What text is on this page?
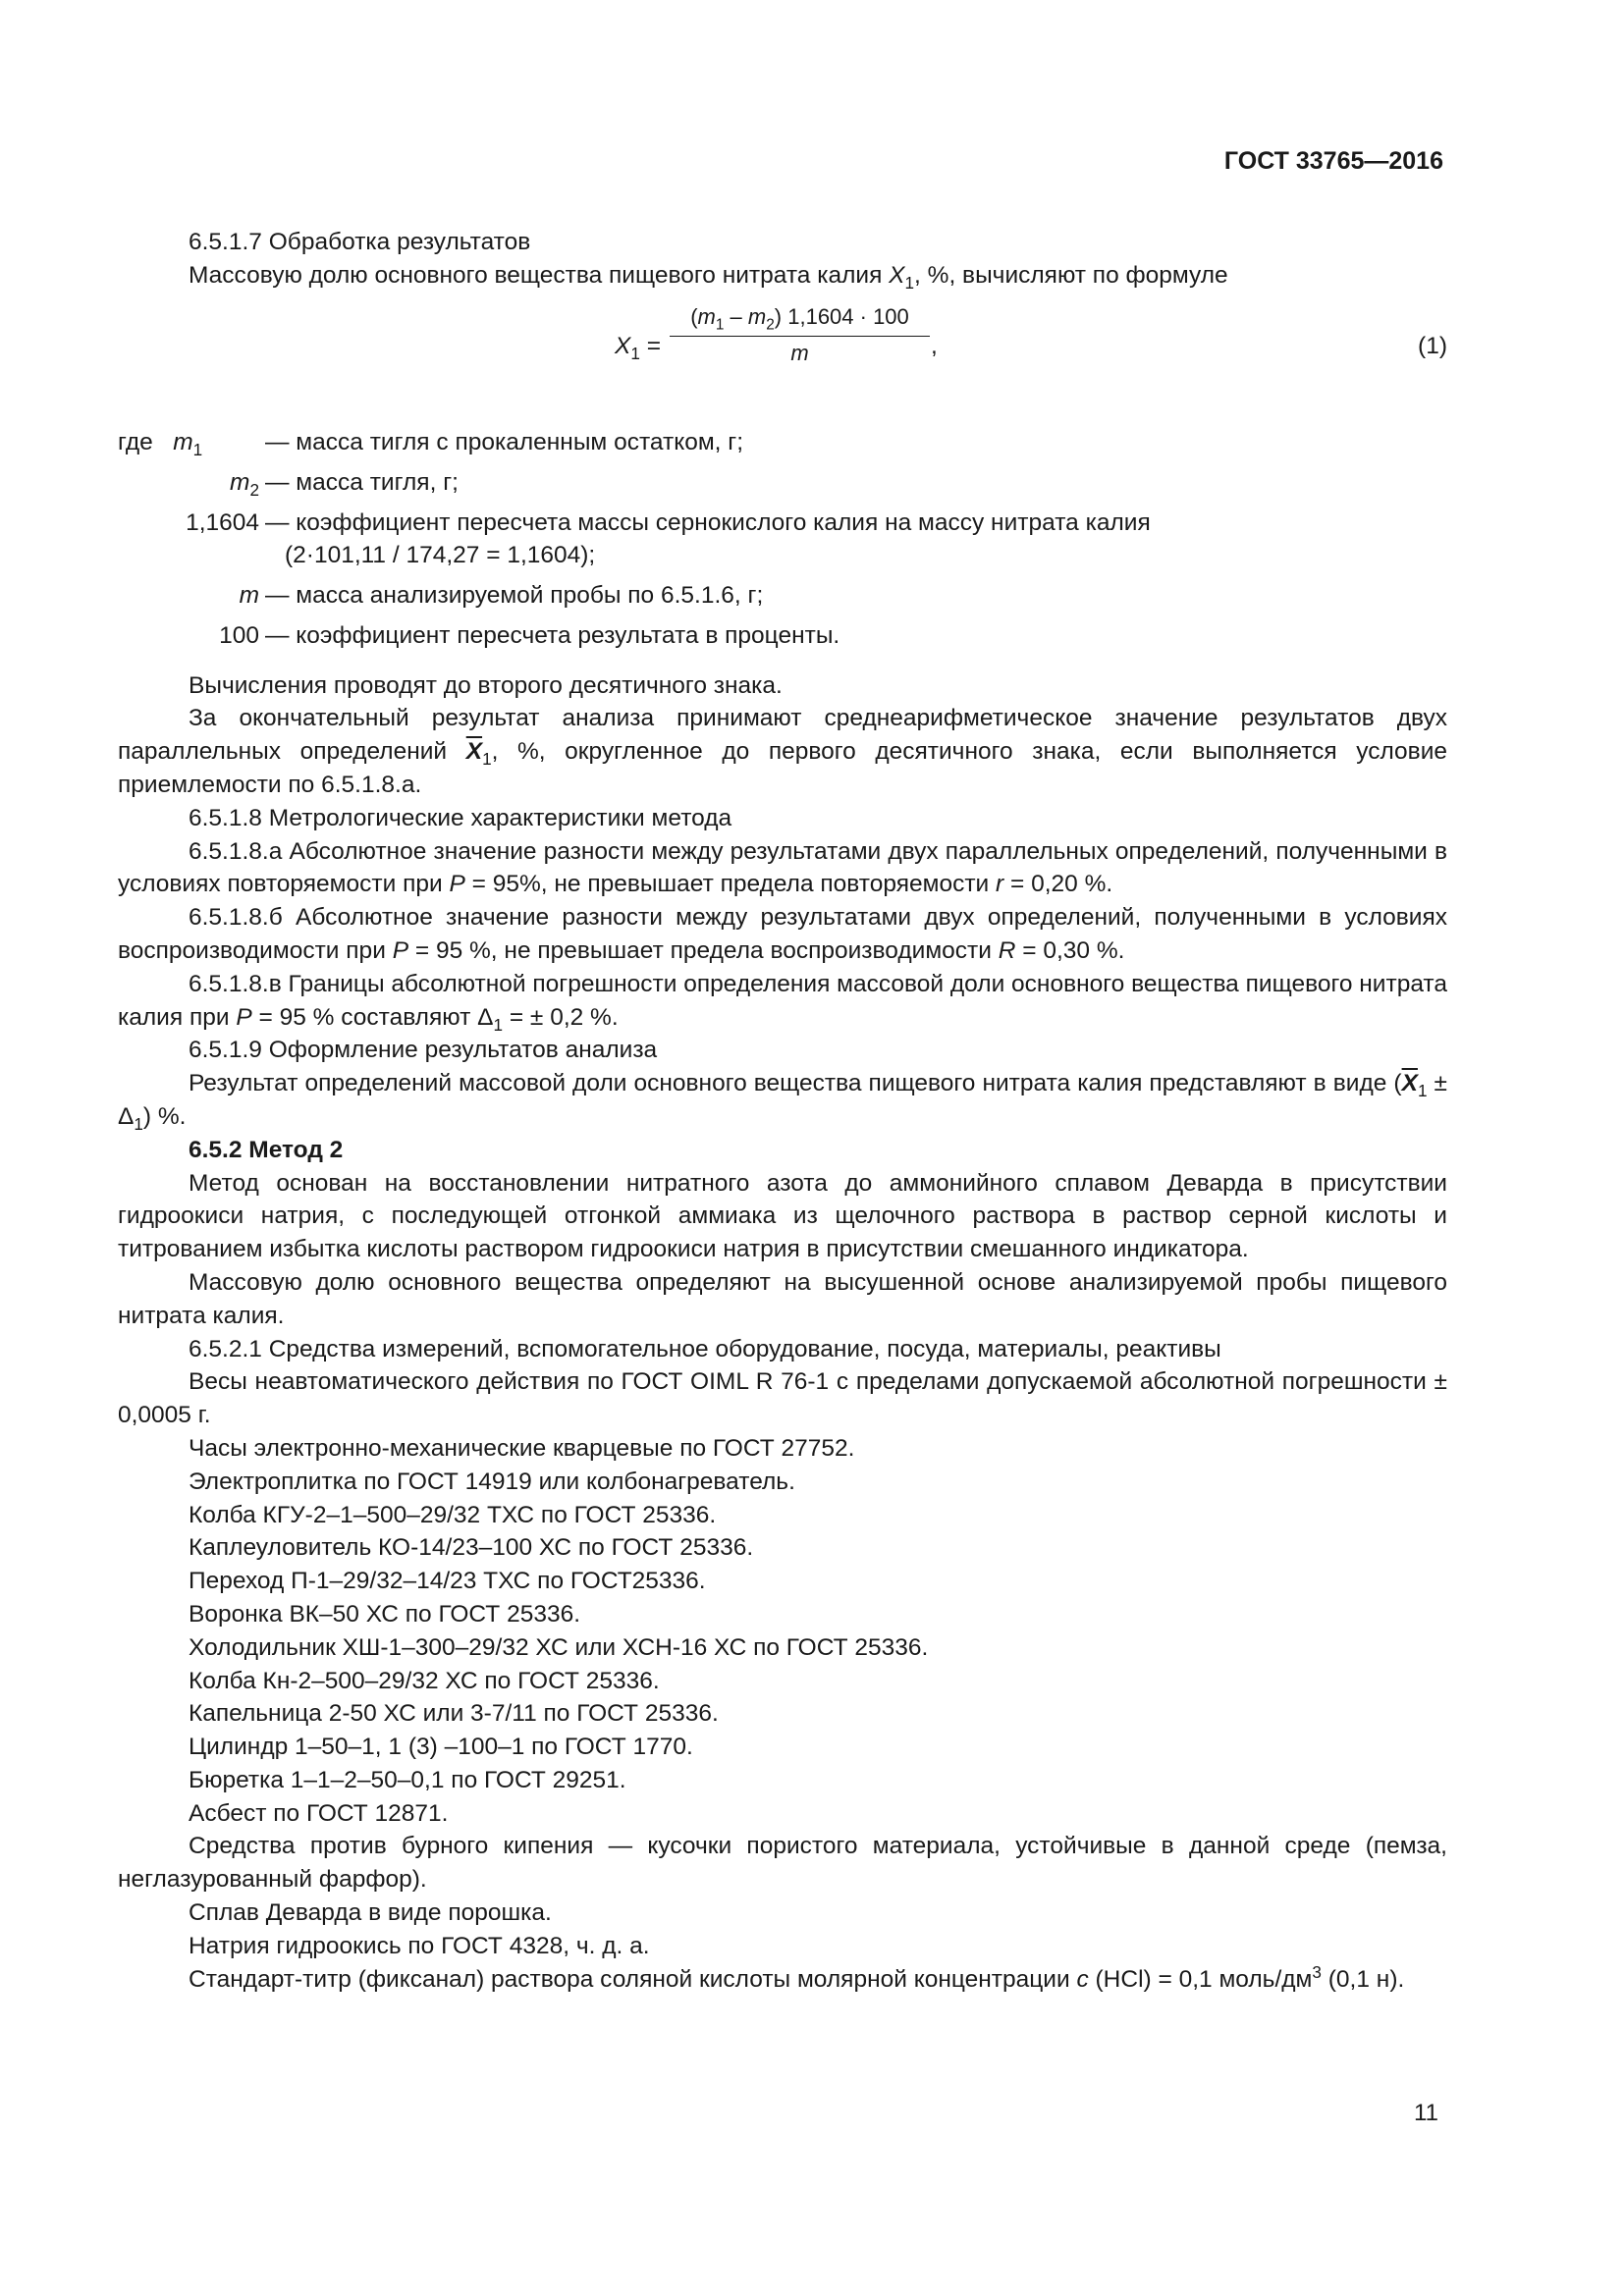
ГОСТ 33765—2016

6.5.1.7 Обработка результатов

Массовую долю основного вещества пищевого нитрата калия $X_1$, %, вычисляют по формуле

$X_1$ =
$(m_1 - m_2) 1,1604 \cdot 100$
m	,	(1)
где $m_1$	— масса тигля с прокаленным остатком, г;
$m_2$ — масса тигля, г;
1,1604 — коэффициент пересчета массы сернокислого калия на массу нитрата калия
(2·101,11 / 174,27 = 1,1604);
m — масса анализируемой пробы по 6.5.1.6, г;
100 — коэффициент пересчета результата в проценты.

Вычисления проводят до второго десятичного знака.

За окончательный результат анализа принимают среднеарифметическое значение результатов двух параллельных определений $\overline{X}_1$, %, округленное до первого десятичного знака, если выполняется условие приемлемости по 6.5.1.8.а.

6.5.1.8 Метрологические характеристики метода

6.5.1.8.а Абсолютное значение разности между результатами двух параллельных определений, полученными в условиях повторяемости при P = 95%, не превышает предела повторяемости r = 0,20 %.

6.5.1.8.б Абсолютное значение разности между результатами двух определений, полученными в условиях воспроизводимости при P = 95 %, не превышает предела воспроизводимости R = 0,30 %.

6.5.1.8.в Границы абсолютной погрешности определения массовой доли основного вещества пищевого нитрата калия при P = 95 % составляют $\Delta_1$ = ± 0,2 %.

6.5.1.9 Оформление результатов анализа

Результат определений массовой доли основного вещества пищевого нитрата калия представляют в виде $(\overline{X}_1 \pm \Delta_1)$ %.

6.5.2 Метод 2

Метод основан на восстановлении нитратного азота до аммонийного сплавом Деварда в присутствии гидроокиси натрия, с последующей отгонкой аммиака из щелочного раствора в раствор серной кислоты и титрованием избытка кислоты раствором гидроокиси натрия в присутствии смешанного индикатора.

Массовую долю основного вещества определяют на высушенной основе анализируемой пробы пищевого нитрата калия.

6.5.2.1 Средства измерений, вспомогательное оборудование, посуда, материалы, реактивы

Весы неавтоматического действия по ГОСТ OIML R 76-1 с пределами допускаемой абсолютной погрешности ± 0,0005 г.

Часы электронно-механические кварцевые по ГОСТ 27752.

Электроплитка по ГОСТ 14919 или колбонагреватель.

Колба КГУ-2–1–500–29/32 ТХС по ГОСТ 25336.

Каплеуловитель КО-14/23–100 ХС по ГОСТ 25336.

Переход П-1–29/32–14/23 ТХС по ГОСТ25336.

Воронка ВК–50 ХС по ГОСТ 25336.

Холодильник ХШ-1–300–29/32 ХС или ХСН-16 ХС по ГОСТ 25336.

Колба Кн-2–500–29/32 ХС по ГОСТ 25336.

Капельница 2-50 ХС или 3-7/11 по ГОСТ 25336.

Цилиндр 1–50–1, 1 (3) –100–1 по ГОСТ 1770.

Бюретка 1–1–2–50–0,1 по ГОСТ 29251.

Асбест по ГОСТ 12871.

Средства против бурного кипения — кусочки пористого материала, устойчивые в данной среде (пемза, неглазурованный фарфор).

Сплав Деварда в виде порошка.

Натрия гидроокись по ГОСТ 4328, ч. д. а.

Стандарт-титр (фиксанал) раствора соляной кислоты молярной концентрации c (HCl) = 0,1 моль/$дм^3$ (0,1 н).

11
